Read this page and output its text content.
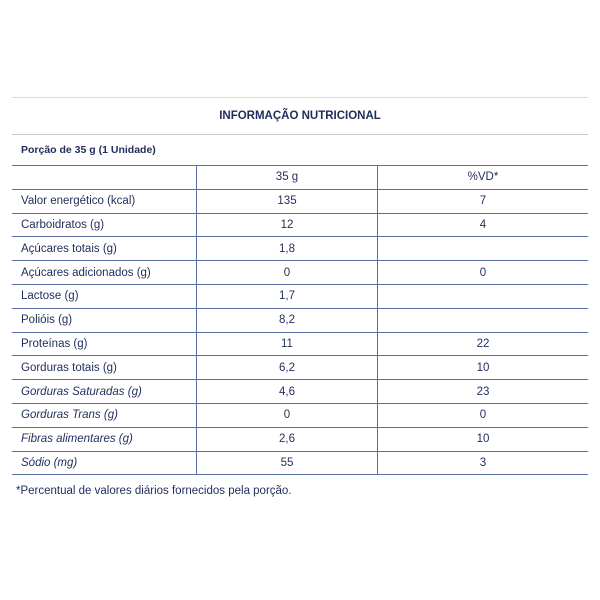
INFORMAÇÃO NUTRICIONAL
Porção de 35 g (1 Unidade)
	35 g	%VD*
Valor energético (kcal)	135	7
Carboidratos (g)	12	4
Açúcares totais (g)	1,8	
Açúcares adicionados (g)	0	0
Lactose (g)	1,7	
Polióis (g)	8,2	
Proteínas (g)	11	22
Gorduras totais (g)	6,2	10
Gorduras Saturadas (g)	4,6	23
Gorduras Trans (g)	0	0
Fibras alimentares (g)	2,6	10
Sódio (mg)	55	3
*Percentual de valores diários fornecidos pela porção.
